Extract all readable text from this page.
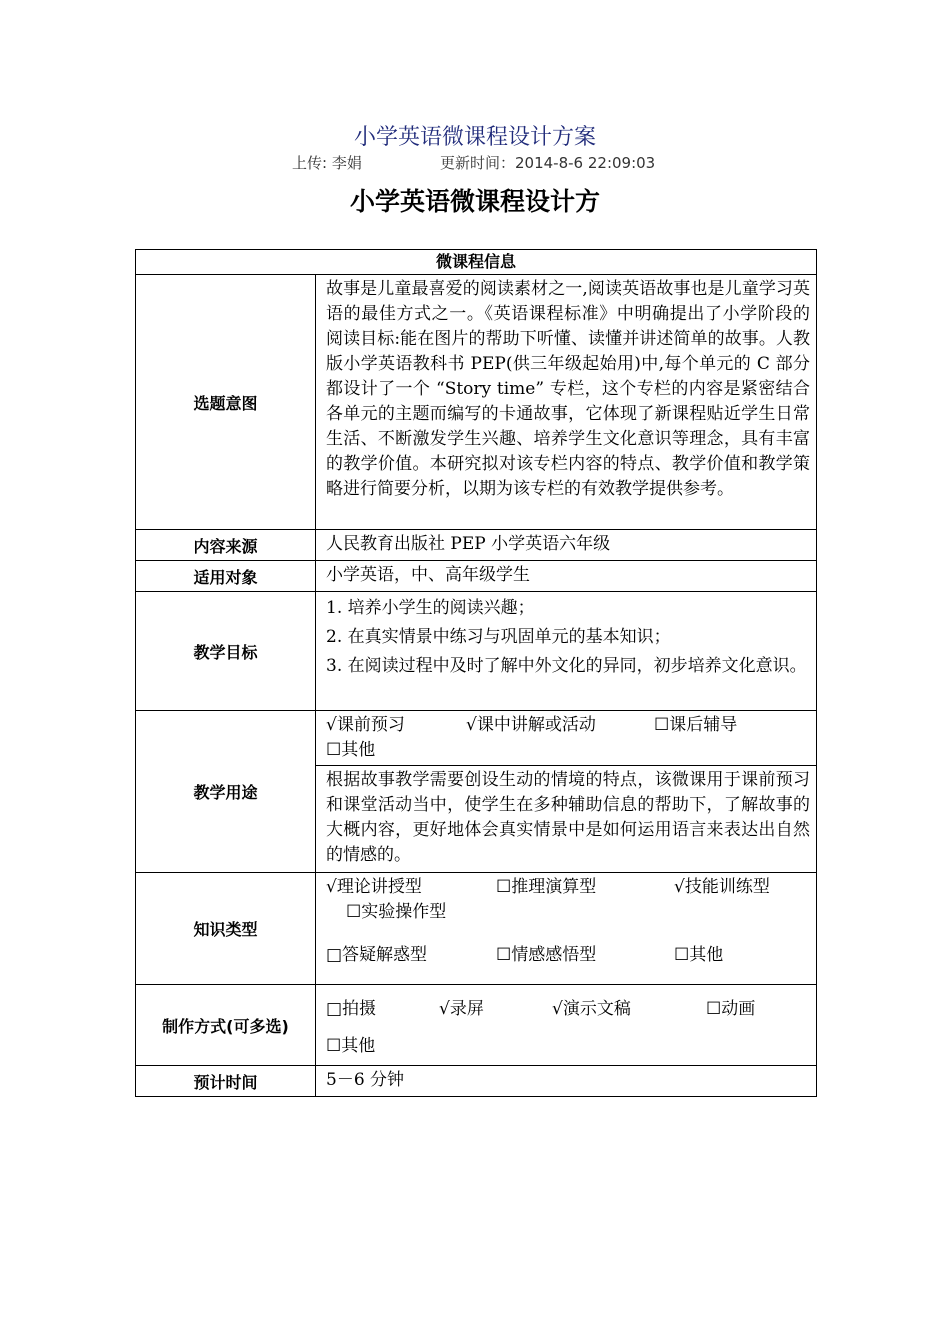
小学英语微课程设计方案
上传: 李娟	更新时间：2014-8-6 22:09:03
小学英语微课程设计方
微课程信息	
选题意图	故事是儿童最喜爱的阅读素材之一,阅读英语故事也是儿童学习英语的最佳方式之一。《英语课程标准》中明确提出了小学阶段的阅读目标:能在图片的帮助下听懂、读懂并讲述简单的故事。人教版小学英语教科书 PEP(供三年级起始用)中,每个单元的 C 部分都设计了一个 “Story time” 专栏，这个专栏的内容是紧密结合各单元的主题而编写的卡通故事，它体现了新课程贴近学生日常生活、不断激发学生兴趣、培养学生文化意识等理念，具有丰富的教学价值。本研究拟对该专栏内容的特点、教学价值和教学策略进行简要分析，以期为该专栏的有效教学提供参考。

内容来源	人民教育出版社 PEP 小学英语六年级
适用对象	小学英语，中、高年级学生
教学目标	1. 培养小学生的阅读兴趣；
2. 在真实情景中练习与巩固单元的基本知识；
3. 在阅读过程中及时了解中外文化的异同，初步培养文化意识。

教学用途	√课前预习 √课中讲解或活动 ☐课后辅导
☐其他
根据故事教学需要创设生动的情境的特点，该微课用于课前预习和课堂活动当中，使学生在多种辅助信息的帮助下，了解故事的大概内容，更好地体会真实情景中是如何运用语言来表达出自然的情感的。

知识类型	√理论讲授型 ☐推理演算型 √技能训练型
☐实验操作型
□答疑解惑型 ☐情感感悟型 ☐其他

制作方式(可多选)	□拍摄 √录屏 √演示文稿 ☐动画
☐其他

预计时间	5－6 分钟
